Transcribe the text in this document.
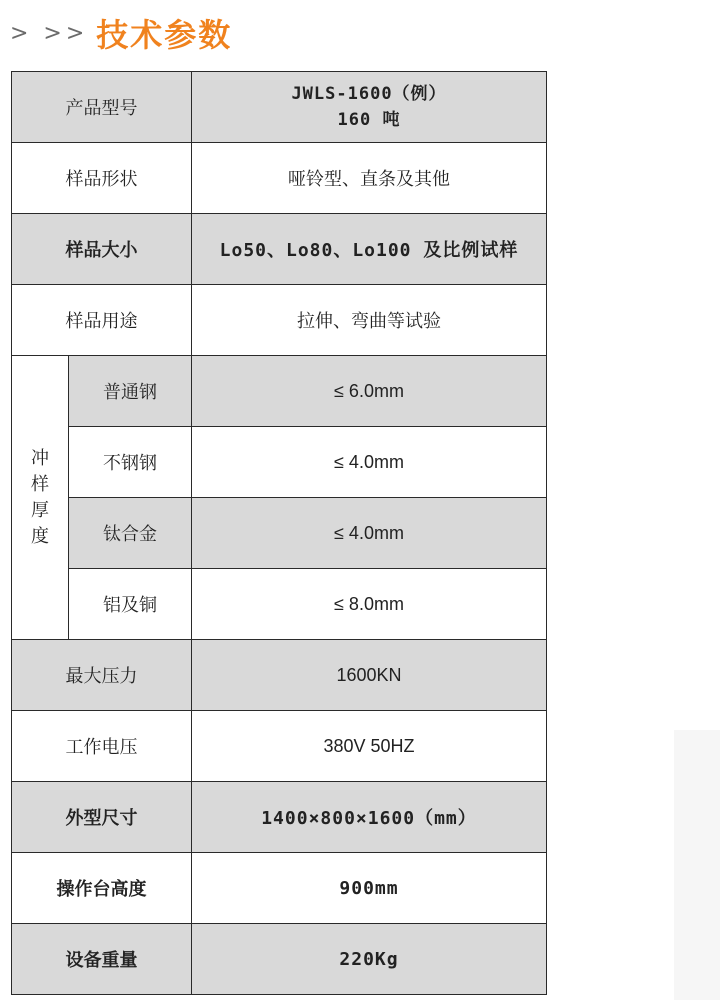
> >> 技术参数
产品型号		JWLS-1600（例）
160 吨

样品形状		哑铃型、直条及其他
样品大小		Lo50、Lo80、Lo100 及比例试样
样品用途		拉伸、弯曲等试验

冲
样
厚
度	普通钢	≤ 6.0mm
	不钢钢	≤ 4.0mm
	钛合金	≤ 4.0mm
	铝及铜	≤ 8.0mm
最大压力		1600KN
工作电压		380V 50HZ
外型尺寸		1400×800×1600（mm）
操作台高度		900mm
设备重量		220Kg
